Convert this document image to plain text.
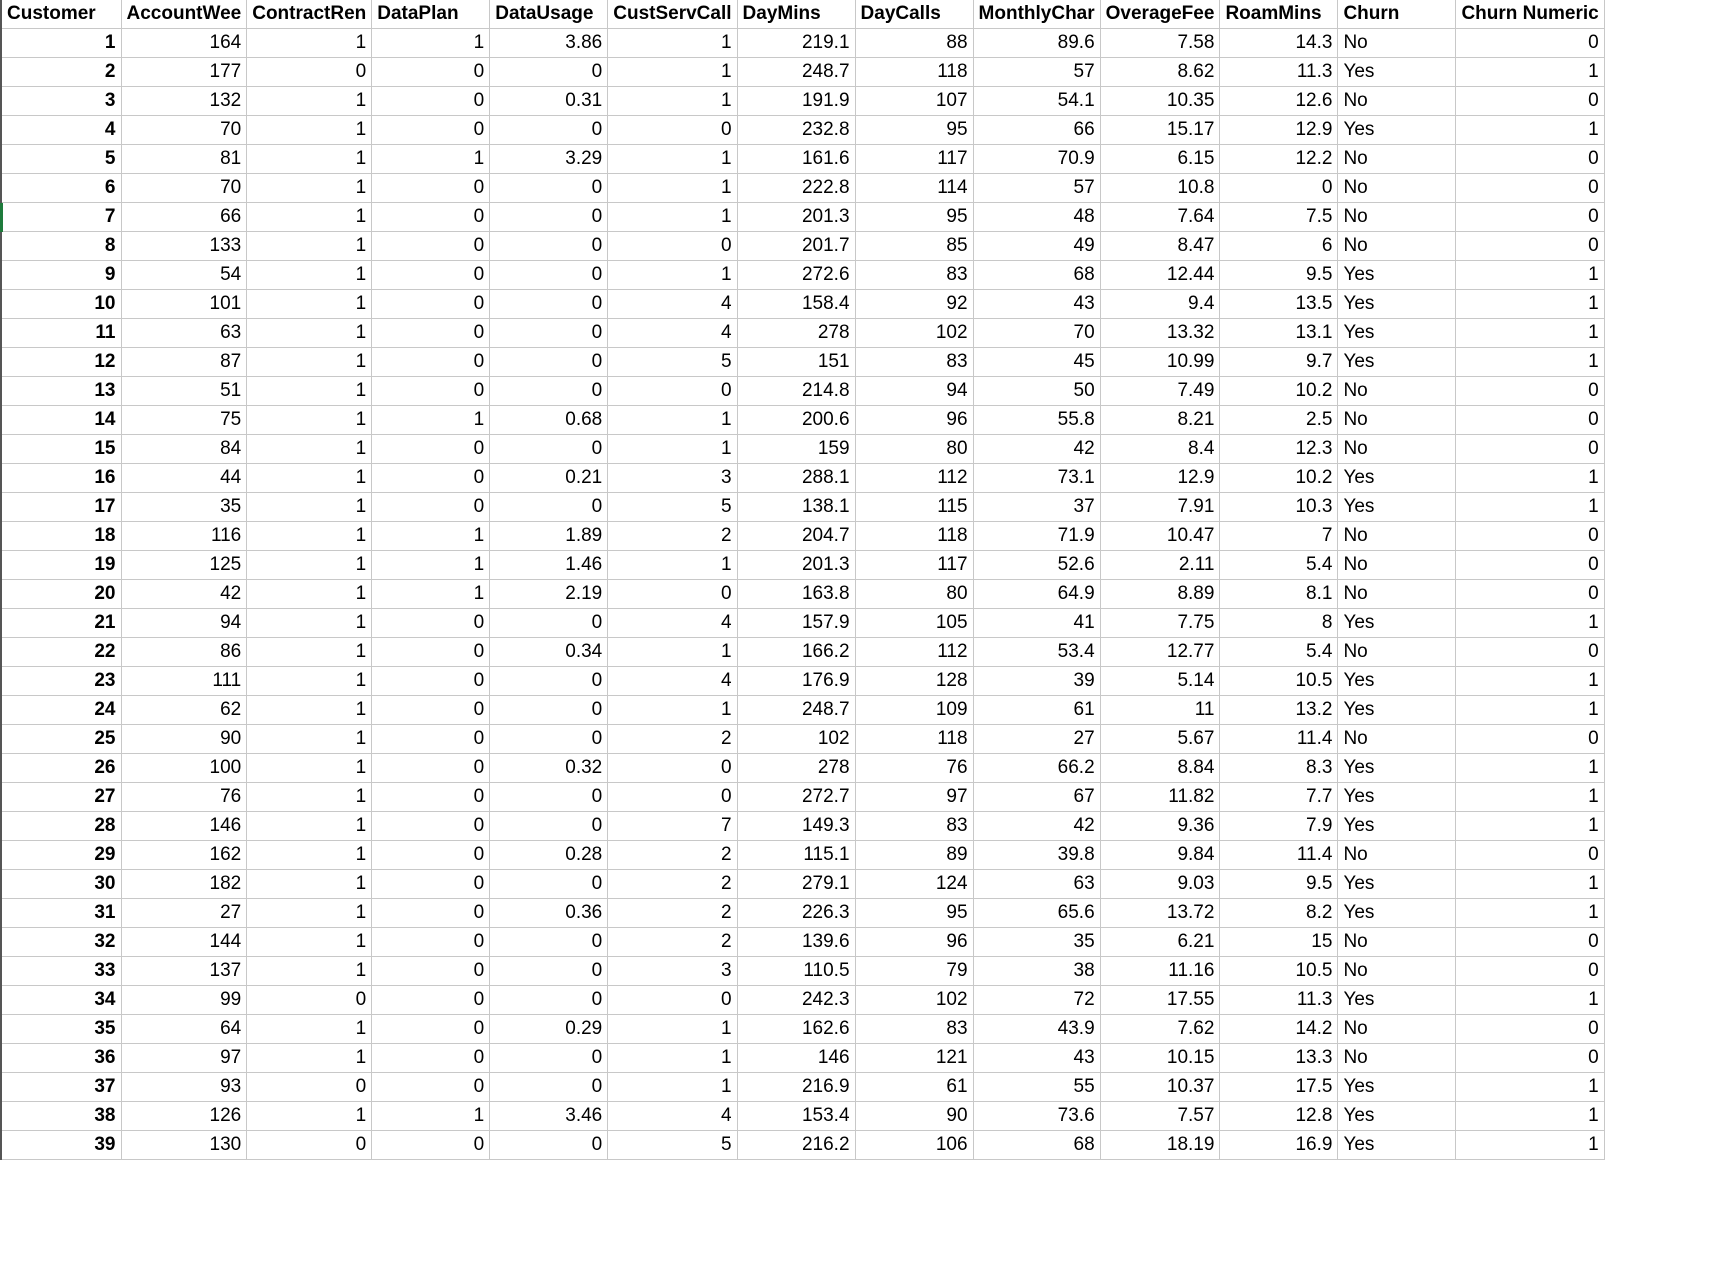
Customer	AccountWee	ContractRen	DataPlan	DataUsage	CustServCall	DayMins	DayCalls	MonthlyChar	OverageFee	RoamMins	Churn	Churn Numeric
1	164	1	1	3.86	1	219.1	88	89.6	7.58	14.3	No	0
2	177	0	0	0	1	248.7	118	57	8.62	11.3	Yes	1
3	132	1	0	0.31	1	191.9	107	54.1	10.35	12.6	No	0
4	70	1	0	0	0	232.8	95	66	15.17	12.9	Yes	1
5	81	1	1	3.29	1	161.6	117	70.9	6.15	12.2	No	0
6	70	1	0	0	1	222.8	114	57	10.8	0	No	0
7	66	1	0	0	1	201.3	95	48	7.64	7.5	No	0
8	133	1	0	0	0	201.7	85	49	8.47	6	No	0
9	54	1	0	0	1	272.6	83	68	12.44	9.5	Yes	1
10	101	1	0	0	4	158.4	92	43	9.4	13.5	Yes	1
11	63	1	0	0	4	278	102	70	13.32	13.1	Yes	1
12	87	1	0	0	5	151	83	45	10.99	9.7	Yes	1
13	51	1	0	0	0	214.8	94	50	7.49	10.2	No	0
14	75	1	1	0.68	1	200.6	96	55.8	8.21	2.5	No	0
15	84	1	0	0	1	159	80	42	8.4	12.3	No	0
16	44	1	0	0.21	3	288.1	112	73.1	12.9	10.2	Yes	1
17	35	1	0	0	5	138.1	115	37	7.91	10.3	Yes	1
18	116	1	1	1.89	2	204.7	118	71.9	10.47	7	No	0
19	125	1	1	1.46	1	201.3	117	52.6	2.11	5.4	No	0
20	42	1	1	2.19	0	163.8	80	64.9	8.89	8.1	No	0
21	94	1	0	0	4	157.9	105	41	7.75	8	Yes	1
22	86	1	0	0.34	1	166.2	112	53.4	12.77	5.4	No	0
23	111	1	0	0	4	176.9	128	39	5.14	10.5	Yes	1
24	62	1	0	0	1	248.7	109	61	11	13.2	Yes	1
25	90	1	0	0	2	102	118	27	5.67	11.4	No	0
26	100	1	0	0.32	0	278	76	66.2	8.84	8.3	Yes	1
27	76	1	0	0	0	272.7	97	67	11.82	7.7	Yes	1
28	146	1	0	0	7	149.3	83	42	9.36	7.9	Yes	1
29	162	1	0	0.28	2	115.1	89	39.8	9.84	11.4	No	0
30	182	1	0	0	2	279.1	124	63	9.03	9.5	Yes	1
31	27	1	0	0.36	2	226.3	95	65.6	13.72	8.2	Yes	1
32	144	1	0	0	2	139.6	96	35	6.21	15	No	0
33	137	1	0	0	3	110.5	79	38	11.16	10.5	No	0
34	99	0	0	0	0	242.3	102	72	17.55	11.3	Yes	1
35	64	1	0	0.29	1	162.6	83	43.9	7.62	14.2	No	0
36	97	1	0	0	1	146	121	43	10.15	13.3	No	0
37	93	0	0	0	1	216.9	61	55	10.37	17.5	Yes	1
38	126	1	1	3.46	4	153.4	90	73.6	7.57	12.8	Yes	1
39	130	0	0	0	5	216.2	106	68	18.19	16.9	Yes	1
